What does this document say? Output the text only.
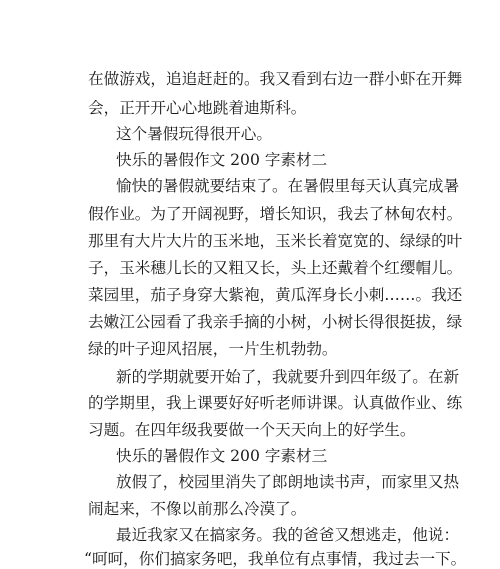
在做游戏，追追赶赶的。我又看到右边一群小虾在开舞
会，正开开心心地跳着迪斯科。
这个暑假玩得很开心。
快乐的暑假作文 200 字素材二
愉快的暑假就要结束了。在暑假里每天认真完成暑
假作业。为了开阔视野，增长知识，我去了林甸农村。
那里有大片大片的玉米地，玉米长着宽宽的、绿绿的叶
子，玉米穗儿长的又粗又长，头上还戴着个红缨帽儿。
菜园里，茄子身穿大紫袍，黄瓜浑身长小刺……。我还
去嫩江公园看了我亲手摘的小树，小树长得很挺拔，绿
绿的叶子迎风招展，一片生机勃勃。
新的学期就要开始了，我就要升到四年级了。在新
的学期里，我上课要好好听老师讲课。认真做作业、练
习题。在四年级我要做一个天天向上的好学生。
快乐的暑假作文 200 字素材三
放假了，校园里消失了郎朗地读书声，而家里又热
闹起来，不像以前那么冷漠了。
最近我家又在搞家务。我的爸爸又想逃走，他说：
“呵呵，你们搞家务吧，我单位有点事情，我过去一下。
